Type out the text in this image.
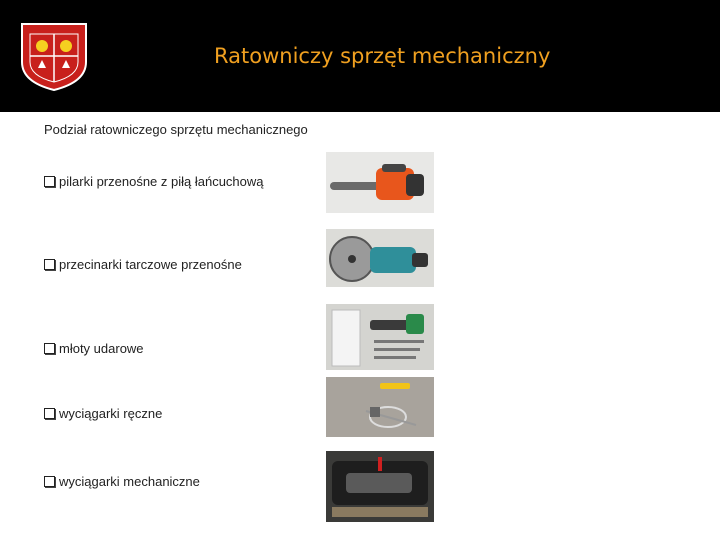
Ratowniczy sprzęt mechaniczny
Podział ratowniczego sprzętu mechanicznego
pilarki przenośne z piłą łańcuchową
przecinarki tarczowe przenośne
młoty udarowe
wyciągarki ręczne
wyciągarki mechaniczne
